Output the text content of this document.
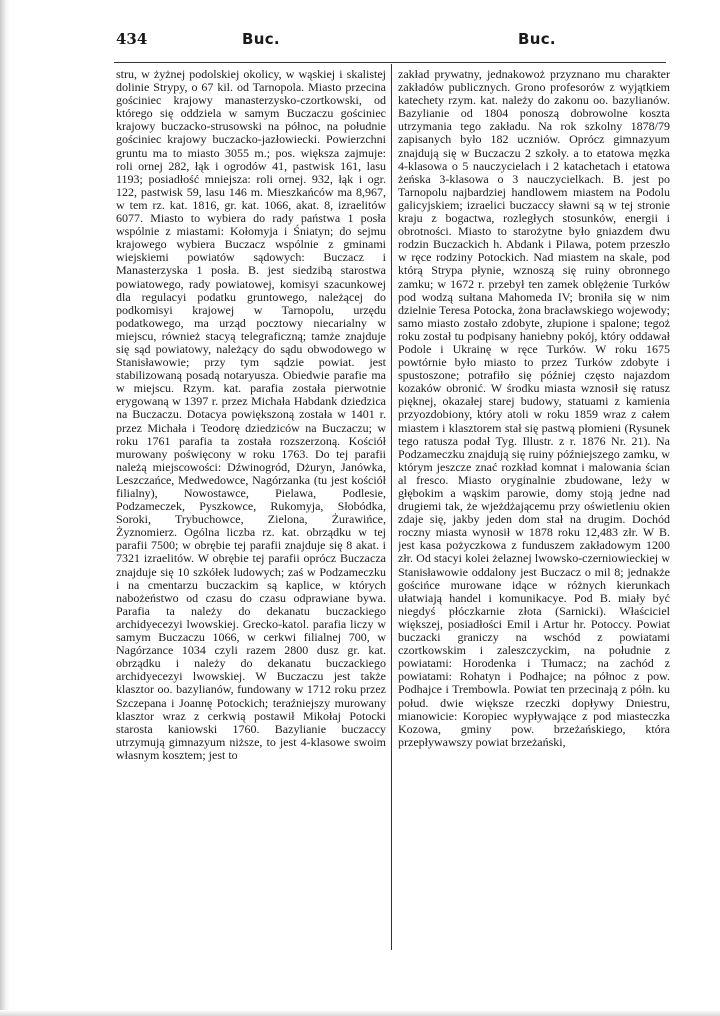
434	Buc.	Buc.

stru, w żyżnej podolskiej okolicy, w wąskiej i skalistej dolinie Strypy, o 67 kil. od Tarnopola. Miasto przecina gościniec krajowy manasterzysko-czortkowski, od którego się oddziela w samym Buczaczu gościniec krajowy buczacko-strusowski na północ, na południe gościniec krajowy buczacko-jazłowiecki. Powierzchni gruntu ma to miasto 3055 m.; pos. większa zajmuje: roli ornej 282, łąk i ogrodów 41, pastwisk 161, lasu 1193; posiadłość mniejsza: roli ornej. 932, łąk i ogr. 122, pastwisk 59, lasu 146 m. Mieszkańców ma 8,967, w tem rz. kat. 1816, gr. kat. 1066, akat. 8, izraelitów 6077. Miasto to wybiera do rady państwa 1 posła wspólnie z miastami: Kołomyja i Śniatyn; do sejmu krajowego wybiera Buczacz wspólnie z gminami wiejskiemi powiatów sądowych: Buczacz i Manasterzyska 1 posła. B. jest siedzibą starostwa powiatowego, rady powiatowej, komisyi szacunkowej dla regulacyi podatku gruntowego, należącej do podkomisyi krajowej w Tarnopolu, urzędu podatkowego, ma urząd pocztowy niecarialny w miejscu, również stacyą telegraficzną; tamże znajduje się sąd powiatowy, należący do sądu obwodowego w Stanisławowie; przy tym sądzie powiat. jest stabilizowaną posadą notaryusza. Obiedwie parafie ma w miejscu. Rzym. kat. parafia została pierwotnie erygowaną w 1397 r. przez Michała Habdank dziedzica na Buczaczu. Dotacya powiększoną została w 1401 r. przez Michała i Teodorę dziedziców na Buczaczu; w roku 1761 parafia ta została rozszerzoną. Kościół murowany poświęcony w roku 1763. Do tej parafii należą miejscowości: Dźwinogród, Dżuryn, Janówka, Leszczańce, Medwedowce, Nagórzanka (tu jest kościół filialny), Nowostawce, Pielawa, Podlesie, Podzameczek, Pyszkowce, Rukomyja, Słobódka, Soroki, Trybuchowce, Zielona, Żurawińce, Żyznomierz. Ogólna liczba rz. kat. obrządku w tej parafii 7500; w obrębie tej parafii znajduje się 8 akat. i 7321 izraelitów. W obrębie tej parafii oprócz Buczacza znajduje się 10 szkółek ludowych; zaś w Podzameczku i na cmentarzu buczackim są kaplice, w których nabożeństwo od czasu do czasu odprawiane bywa. Parafia ta należy do dekanatu buczackiego archidyecezyi lwowskiej. Grecko-katol. parafia liczy w samym Buczaczu 1066, w cerkwi filialnej 700, w Nagórzance 1034 czyli razem 2800 dusz gr. kat. obrządku i należy do dekanatu buczackiego archidyecezyi lwowskiej. W Buczaczu jest także klasztor oo. bazylianów, fundowany w 1712 roku przez Szczepana i Joannę Potockich; teraźniejszy murowany klasztor wraz z cerkwią postawił Mikołaj Potocki starosta kaniowski 1760. Bazylianie buczaccy utrzymują gimnazyum niższe, to jest 4-klasowe swoim własnym kosztem; jest to

zakład prywatny, jednakowoż przyznano mu charakter zakładów publicznych. Grono profesorów z wyjątkiem katechety rzym. kat. należy do zakonu oo. bazylianów. Bazylianie od 1804 ponoszą dobrowolne koszta utrzymania tego zakładu. Na rok szkolny 1878/79 zapisanych było 182 uczniów. Oprócz gimnazyum znajdują się w Buczaczu 2 szkoły. a to etatowa męzka 4-klasowa o 5 nauczycielach i 2 katachetach i etatowa żeńska 3-klasowa o 3 nauczycielkach. B. jest po Tarnopolu najbardziej handlowem miastem na Podolu galicyjskiem; izraelici buczaccy sławni są w tej stronie kraju z bogactwa, rozległych stosunków, energii i obrotności. Miasto to starożytne było gniazdem dwu rodzin Buczackich h. Abdank i Pilawa, potem przeszło w ręce rodziny Potockich. Nad miastem na skale, pod którą Strypa płynie, wznoszą się ruiny obronnego zamku; w 1672 r. przebył ten zamek oblężenie Turków pod wodzą sułtana Mahomeda IV; broniła się w nim dzielnie Teresa Potocka, żona bracławskiego wojewody; samo miasto zostało zdobyte, złupione i spalone; tegoż roku został tu podpisany haniebny pokój, który oddawał Podole i Ukrainę w ręce Turków. W roku 1675 powtórnie było miasto to przez Turków zdobyte i spustoszone; potrafiło się później często najazdom kozaków obronić. W środku miasta wznosił się ratusz pięknej, okazałej starej budowy, statuami z kamienia przyozdobiony, który atoli w roku 1859 wraz z całem miastem i klasztorem stał się pastwą płomieni (Rysunek tego ratusza podał Tyg. Illustr. z r. 1876 Nr. 21). Na Podzameczku znajdują się ruiny późniejszego zamku, w którym jeszcze znać rozkład komnat i malowania ścian al fresco. Miasto oryginalnie zbudowane, leży w głębokim a wąskim parowie, domy stoją jedne nad drugiemi tak, że wjeżdżającemu przy oświetleniu okien zdaje się, jakby jeden dom stał na drugim. Dochód roczny miasta wynosił w 1878 roku 12,483 złr. W B. jest kasa pożyczkowa z funduszem zakładowym 1200 złr. Od stacyi kolei żelaznej lwowsko-czerniowieckiej w Stanisławowie oddalony jest Buczacz o mil 8; jednakże gościńce murowane idące w różnych kierunkach ułatwiają handel i komunikacye. Pod B. miały być niegdyś płóczkarnie złota (Sarnicki). Właściciel większej, posiadłości Emil i Artur hr. Potoccy. Powiat buczacki graniczy na wschód z powiatami czortkowskim i zaleszczyckim, na południe z powiatami: Horodenka i Tłumacz; na zachód z powiatami: Rohatyn i Podhajce; na północ z pow. Podhajce i Trembowla. Powiat ten przecinają z półn. ku połud. dwie większe rzeczki dopływy Dniestru, mianowicie: Koropiec wypływające z pod miasteczka Kozowa, gminy pow. brzeżańskiego, która przepływawszy powiat brzeżański,
